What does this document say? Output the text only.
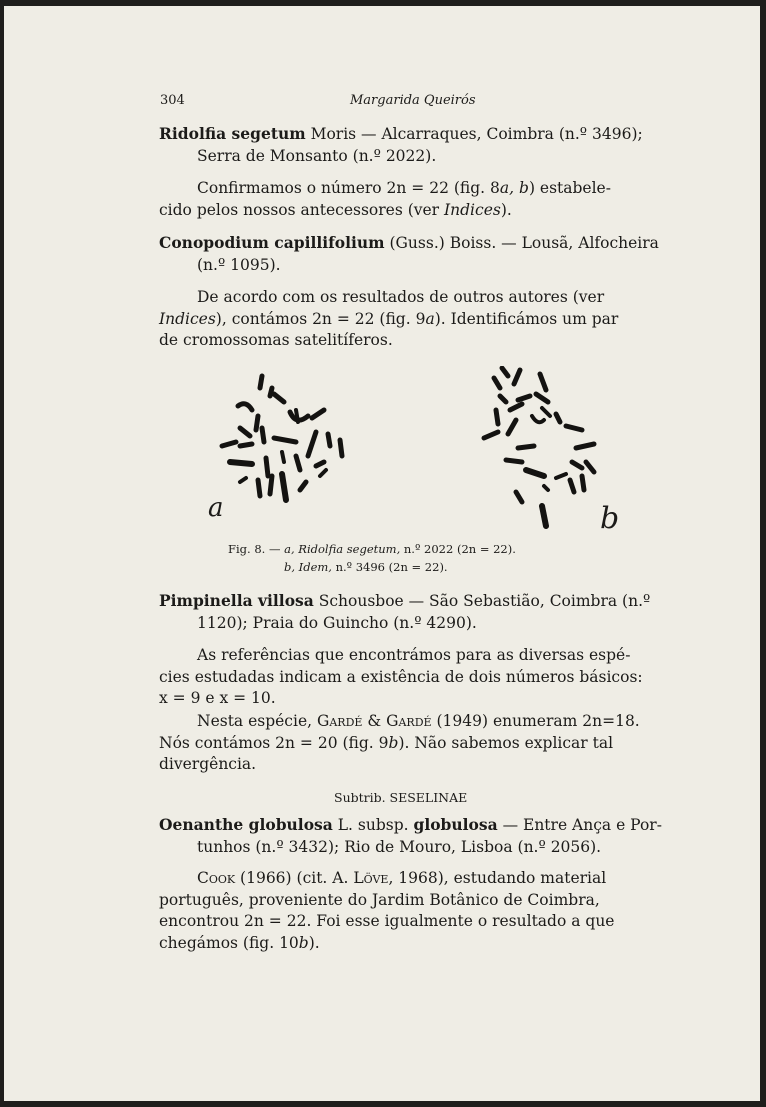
304	Margarida Queirós
Ridolfia segetum Moris — Alcarraques, Coimbra (n.º 3496);
Serra de Monsanto (n.º 2022).
Confirmamos o número 2n = 22 (fig. 8a, b) estabele-
cido pelos nossos antecessores (ver Indices).
Conopodium capillifolium (Guss.) Boiss. — Lousã, Alfocheira
(n.º 1095).
De acordo com os resultados de outros autores (ver
Indices), contámos 2n = 22 (fig. 9a). Identificámos um par
de cromossomas satelitíferos.
a	b
Fig. 8. — a, Ridolfia segetum, n.º 2022 (2n = 22).
b, Idem, n.º 3496 (2n = 22).
Pimpinella villosa Schousboe — São Sebastião, Coimbra (n.º
1120); Praia do Guincho (n.º 4290).
As referências que encontrámos para as diversas espé-
cies estudadas indicam a existência de dois números básicos:
x = 9 e x = 10.
Nesta espécie, Gardé & Gardé (1949) enumeram 2n=18.
Nós contámos 2n = 20 (fig. 9b). Não sabemos explicar tal
divergência.
Subtrib. SESELINAE
Oenanthe globulosa L. subsp. globulosa — Entre Ança e Por-
tunhos (n.º 3432); Rio de Mouro, Lisboa (n.º 2056).
Cook (1966) (cit. A. Löve, 1968), estudando material
português, proveniente do Jardim Botânico de Coimbra,
encontrou 2n = 22. Foi esse igualmente o resultado a que
chegámos (fig. 10b).
